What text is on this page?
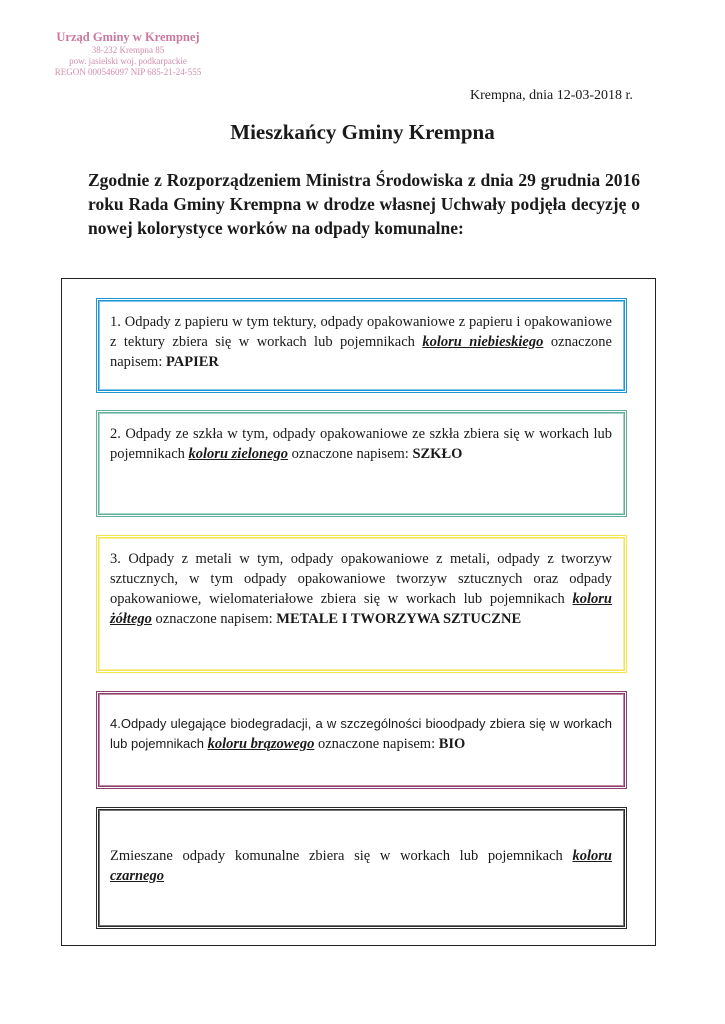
Urząd Gminy w Krempnej
38-232 Krempna 85
pow. jasielski woj. podkarpackie
REGON 000546097 NIP 685-21-24-555
Krempna, dnia 12-03-2018 r.
Mieszkańcy Gminy Krempna
Zgodnie z Rozporządzeniem Ministra Środowiska z dnia 29 grudnia 2016 roku Rada Gminy Krempna w drodze własnej Uchwały podjęła decyzję o nowej kolorystyce worków na odpady komunalne:
1. Odpady z papieru w tym tektury, odpady opakowaniowe z papieru i opakowaniowe z tektury zbiera się w workach lub pojemnikach koloru niebieskiego oznaczone napisem: PAPIER
2. Odpady ze szkła w tym, odpady opakowaniowe ze szkła zbiera się w workach lub pojemnikach koloru zielonego oznaczone napisem: SZKŁO
3. Odpady z metali w tym, odpady opakowaniowe z metali, odpady z tworzyw sztucznych, w tym odpady opakowaniowe tworzyw sztucznych oraz odpady opakowaniowe, wielomateriałowe zbiera się w workach lub pojemnikach koloru żółtego oznaczone napisem: METALE I TWORZYWA SZTUCZNE
4.Odpady ulegające biodegradacji, a w szczególności bioodpady zbiera się w workach lub pojemnikach koloru brązowego oznaczone napisem: BIO
Zmieszane odpady komunalne zbiera się w workach lub pojemnikach koloru czarnego
